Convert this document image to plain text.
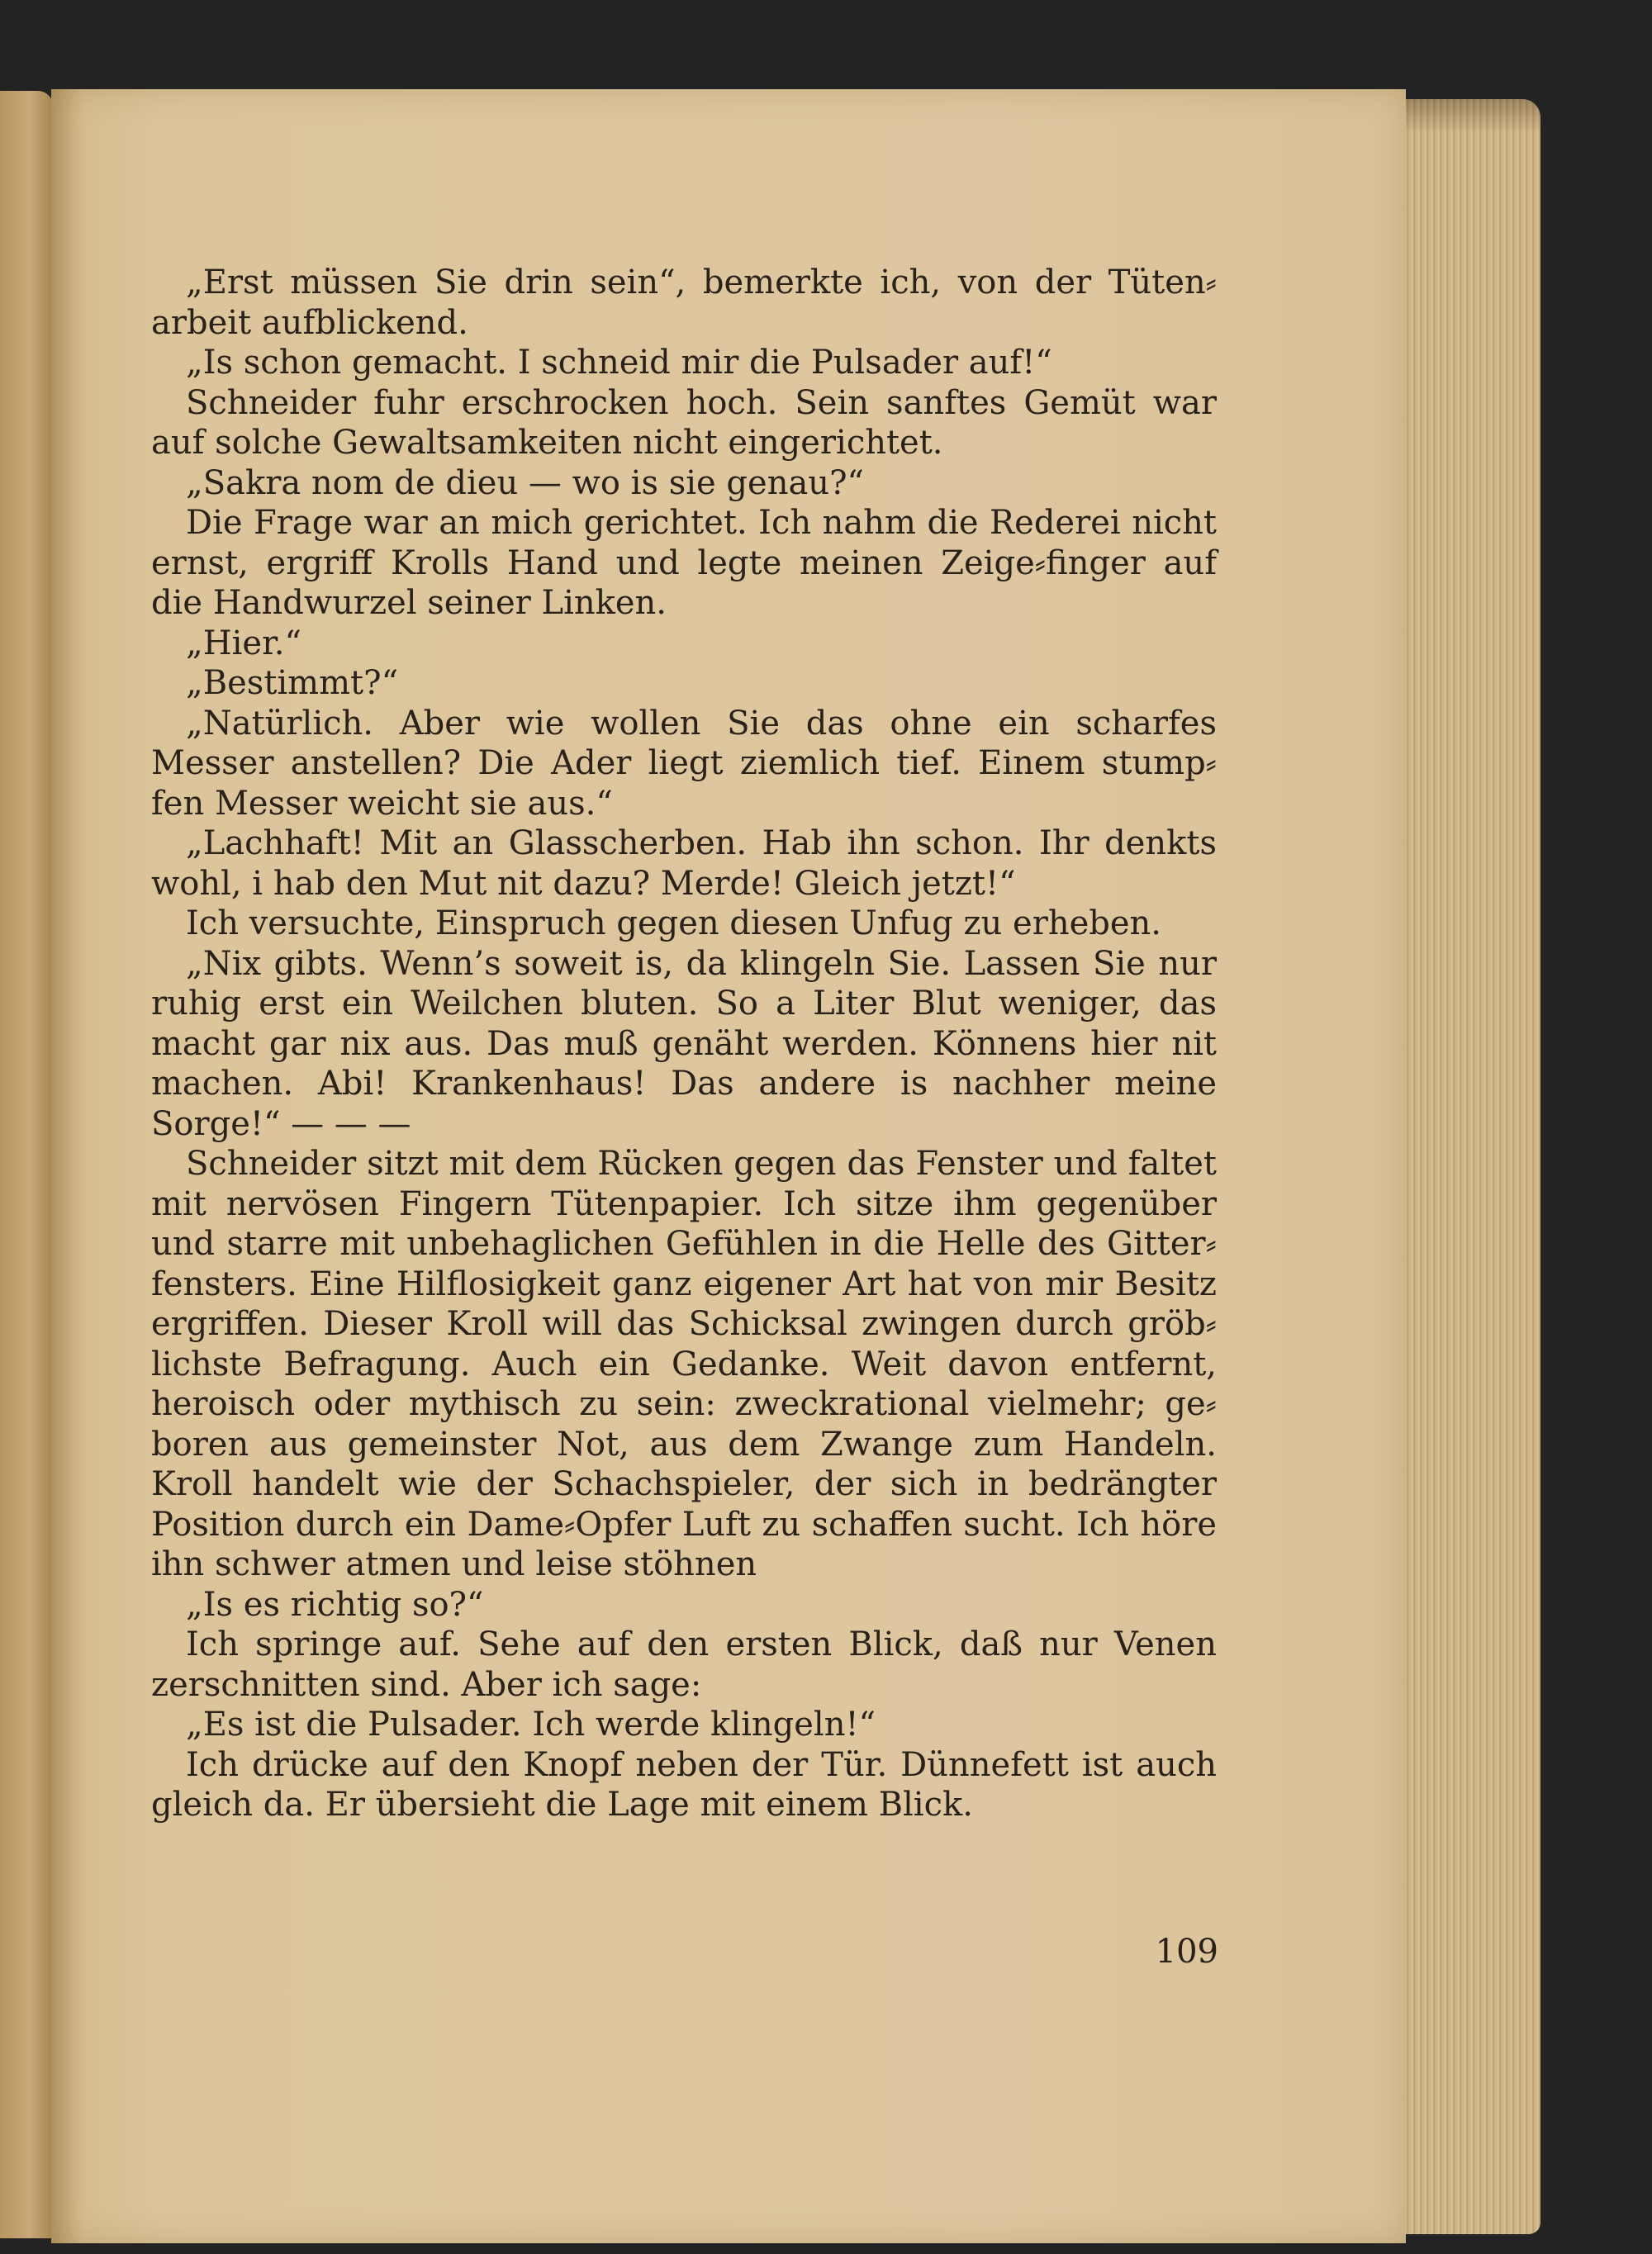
„Erst müssen Sie drin sein“, bemerkte ich, von der Tüten⸗arbeit aufblickend.

„Is schon gemacht. I schneid mir die Pulsader auf!“

Schneider fuhr erschrocken hoch. Sein sanftes Gemüt war auf solche Gewaltsamkeiten nicht eingerichtet.

„Sakra nom de dieu — wo is sie genau?“

Die Frage war an mich gerichtet. Ich nahm die Rederei nicht ernst, ergriff Krolls Hand und legte meinen Zeige⸗finger auf die Handwurzel seiner Linken.

„Hier.“

„Bestimmt?“

„Natürlich. Aber wie wollen Sie das ohne ein scharfes Messer anstellen? Die Ader liegt ziemlich tief. Einem stump⸗fen Messer weicht sie aus.“

„Lachhaft! Mit an Glasscherben. Hab ihn schon. Ihr denkts wohl, i hab den Mut nit dazu? Merde! Gleich jetzt!“

Ich versuchte, Einspruch gegen diesen Unfug zu erheben.

„Nix gibts. Wenn’s soweit is, da klingeln Sie. Lassen Sie nur ruhig erst ein Weilchen bluten. So a Liter Blut weniger, das macht gar nix aus. Das muß genäht werden. Könnens hier nit machen. Abi! Krankenhaus! Das andere is nachher meine Sorge!“ — — —

Schneider sitzt mit dem Rücken gegen das Fenster und faltet mit nervösen Fingern Tütenpapier. Ich sitze ihm gegenüber und starre mit unbehaglichen Gefühlen in die Helle des Gitter⸗fensters. Eine Hilflosigkeit ganz eigener Art hat von mir Besitz ergriffen. Dieser Kroll will das Schicksal zwingen durch gröb⸗lichste Befragung. Auch ein Gedanke. Weit davon entfernt, heroisch oder mythisch zu sein: zweckrational vielmehr; ge⸗boren aus gemeinster Not, aus dem Zwange zum Handeln. Kroll handelt wie der Schachspieler, der sich in bedrängter Position durch ein Dame⸗Opfer Luft zu schaffen sucht. Ich höre ihn schwer atmen und leise stöhnen

„Is es richtig so?“

Ich springe auf. Sehe auf den ersten Blick, daß nur Venen zerschnitten sind. Aber ich sage:

„Es ist die Pulsader. Ich werde klingeln!“

Ich drücke auf den Knopf neben der Tür. Dünnefett ist auch gleich da. Er übersieht die Lage mit einem Blick.

109
